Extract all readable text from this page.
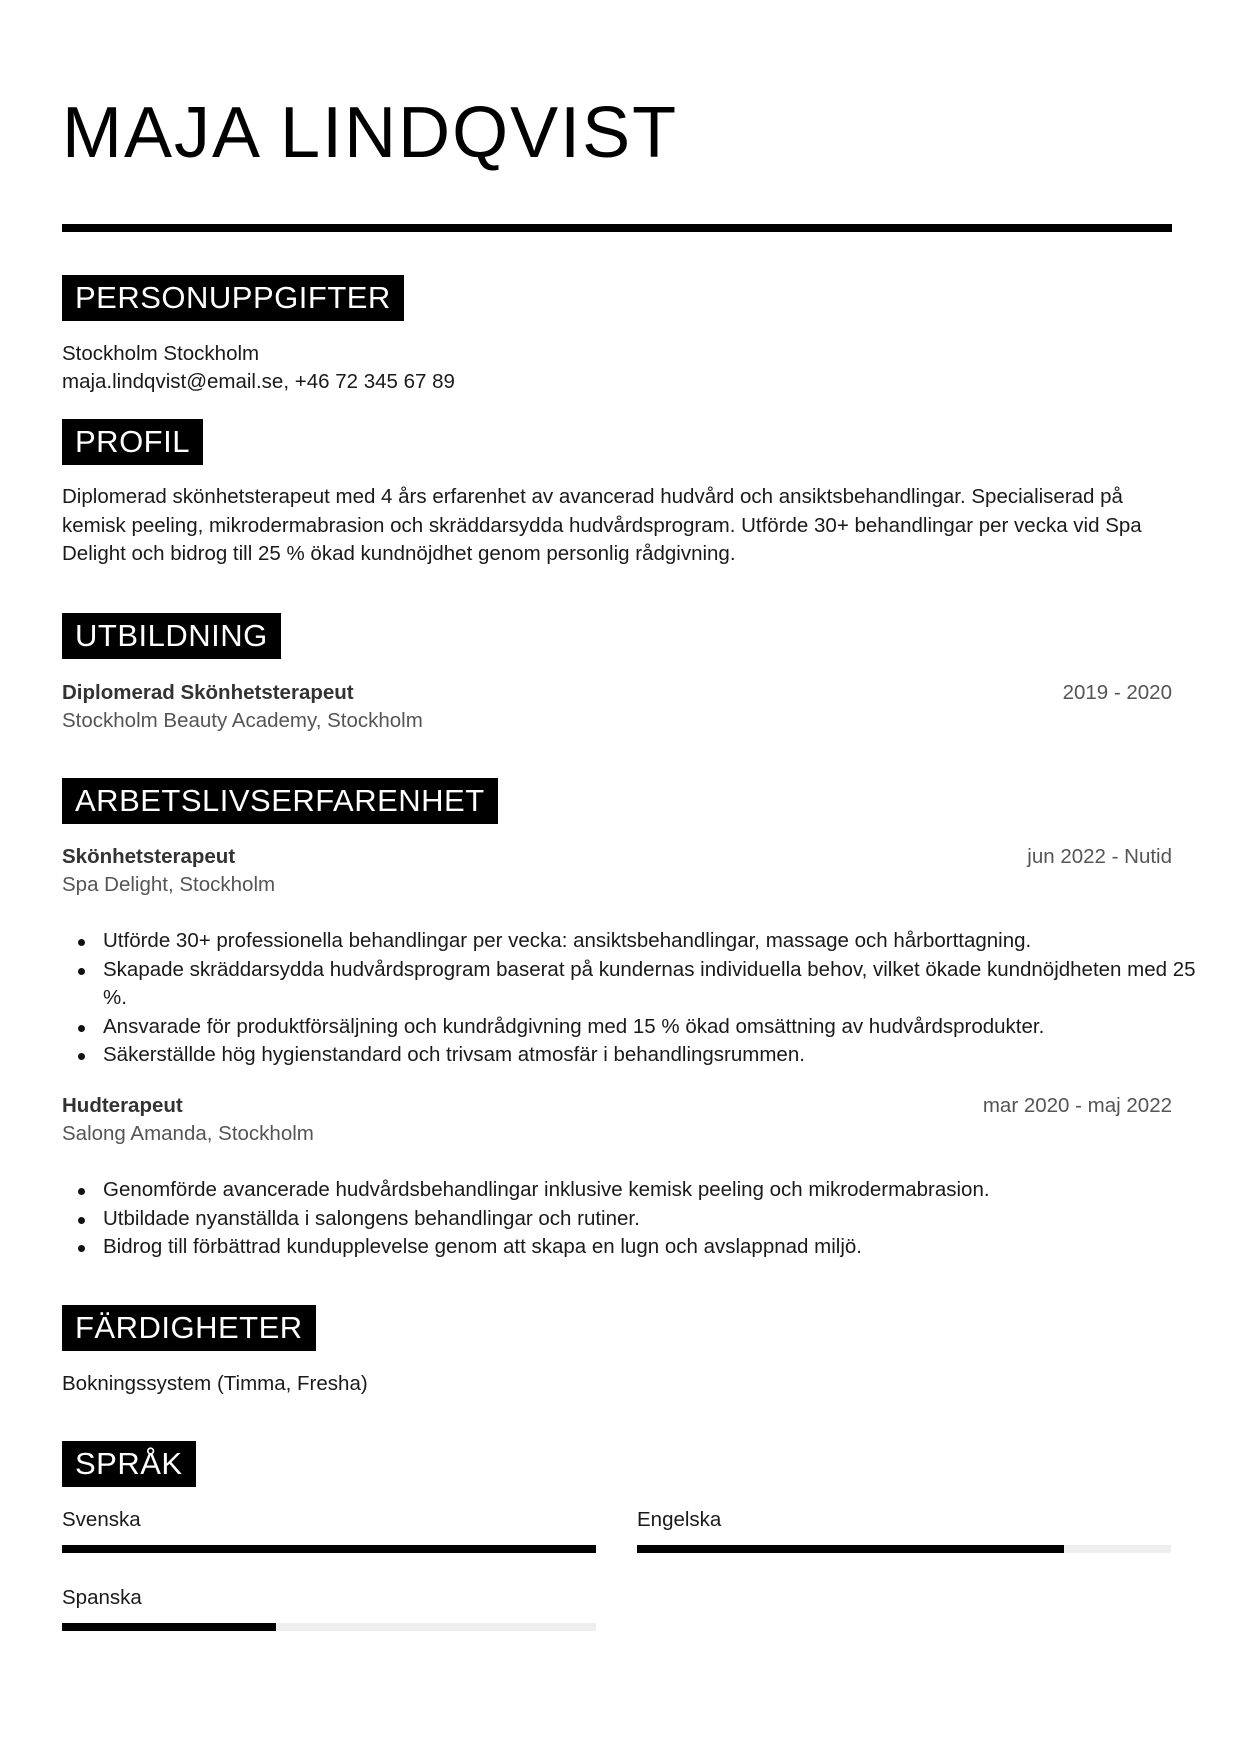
MAJA LINDQVIST
PERSONUPPGIFTER
Stockholm Stockholm
maja.lindqvist@email.se, +46 72 345 67 89
PROFIL
Diplomerad skönhetsterapeut med 4 års erfarenhet av avancerad hudvård och ansiktsbehandlingar. Specialiserad på kemisk peeling, mikrodermabrasion och skräddarsydda hudvårdsprogram. Utförde 30+ behandlingar per vecka vid Spa Delight och bidrog till 25 % ökad kundnöjdhet genom personlig rådgivning.
UTBILDNING
Diplomerad Skönhetsterapeut	2019 - 2020
Stockholm Beauty Academy, Stockholm
ARBETSLIVSERFARENHET
Skönhetsterapeut	jun 2022 - Nutid
Spa Delight, Stockholm
Utförde 30+ professionella behandlingar per vecka: ansiktsbehandlingar, massage och hårborttagning.
Skapade skräddarsydda hudvårdsprogram baserat på kundernas individuella behov, vilket ökade kundnöjdheten med 25 %.
Ansvarade för produktförsäljning och kundrådgivning med 15 % ökad omsättning av hudvårdsprodukter.
Säkerställde hög hygienstandard och trivsam atmosfär i behandlingsrummen.
Hudterapeut	mar 2020 - maj 2022
Salong Amanda, Stockholm
Genomförde avancerade hudvårdsbehandlingar inklusive kemisk peeling och mikrodermabrasion.
Utbildade nyanställda i salongens behandlingar och rutiner.
Bidrog till förbättrad kundupplevelse genom att skapa en lugn och avslappnad miljö.
FÄRDIGHETER
Bokningssystem (Timma, Fresha)
SPRÅK
Svenska	Engelska
Spanska
